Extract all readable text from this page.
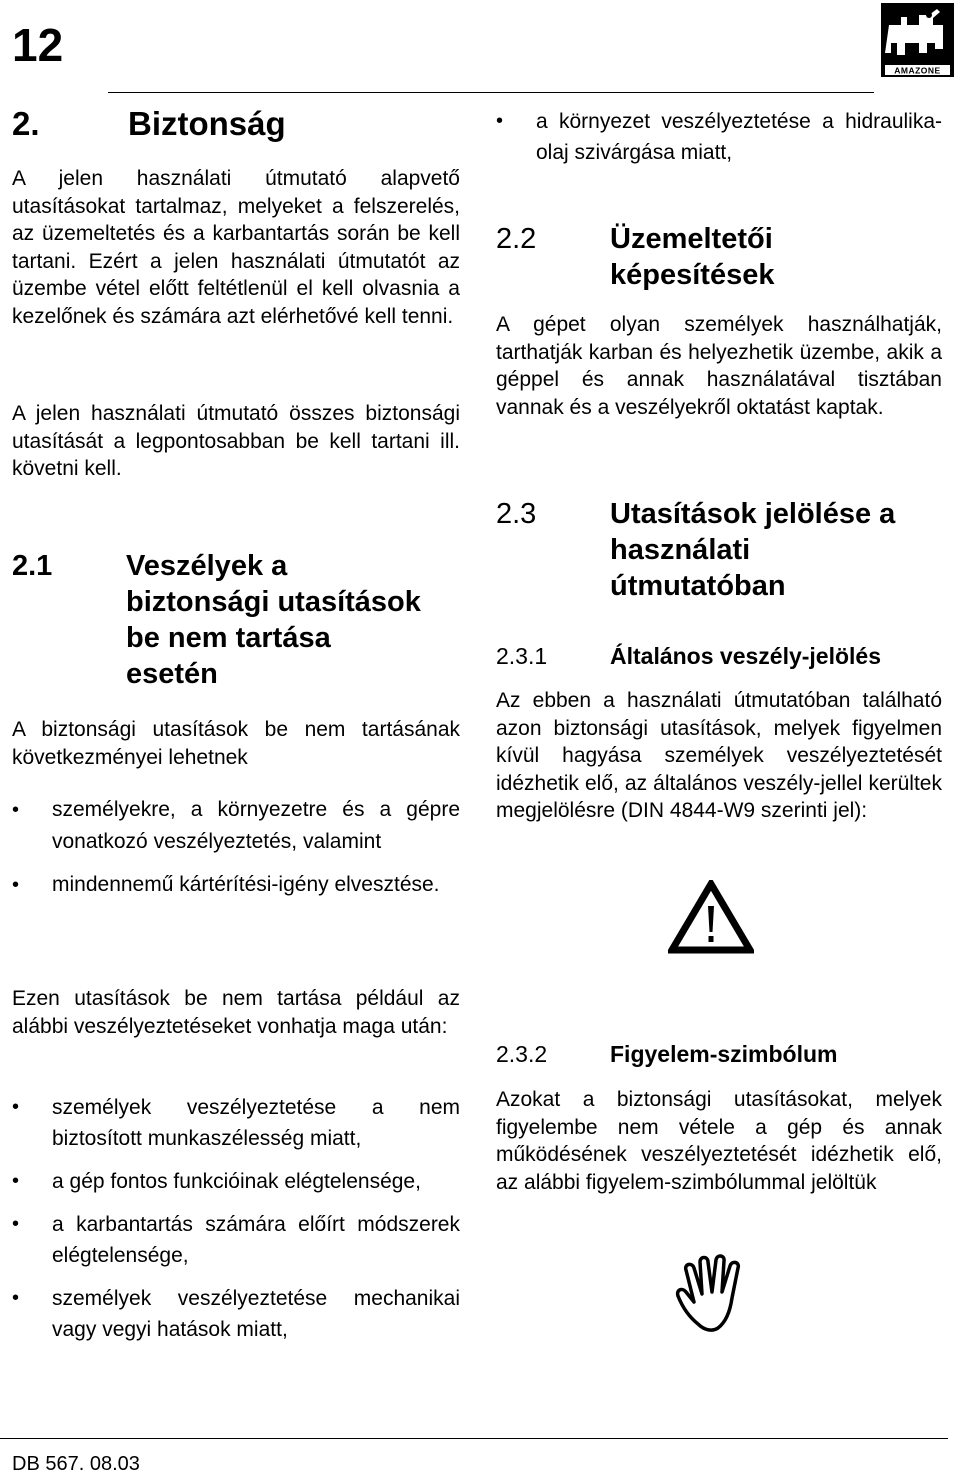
12	AMAZONE
2.	Biztonság

A jelen használati útmutató alapvető utasításokat tartalmaz, melyeket a felszerelés, az üzemeltetés és a karbantartás során be kell tartani. Ezért a jelen használati útmutatót az üzembe vétel előtt feltétlenül el kell olvasnia a kezelőnek és számára azt elérhetővé kell tenni.

A jelen használati útmutató összes biztonsági utasítását a legpontosabban be kell tartani ill. követni kell.

2.1	Veszélyek a
biztonsági utasítások
be nem tartása
esetén

A biztonsági utasítások be nem tartásának következményei lehetnek

• személyekre, a környezetre és a gépre vonatkozó veszélyeztetés, valamint
• mindennemű kártérítési-igény elvesztése.

Ezen utasítások be nem tartása például az alábbi veszélyeztetéseket vonhatja maga után:

• személyek veszélyeztetése a nem biztosított munkaszélesség miatt,
• a gép fontos funkcióinak elégtelensége,
• a karbantartás számára előírt módszerek elégtelensége,
• személyek veszélyeztetése mechanikai vagy vegyi hatások miatt,
• a környezet veszélyeztetése a hidraulika-olaj szivárgása miatt,
2.2	Üzemeltetői
képesítések

A gépet olyan személyek használhatják, tarthatják karban és helyezhetik üzembe, akik a géppel és annak használatával tisztában vannak és a veszélyekről oktatást kaptak.

2.3	Utasítások jelölése a
használati
útmutatóban
2.3.1	Általános veszély-jelölés

Az ebben a használati útmutatóban található azon biztonsági utasítások, melyek figyelmen kívül hagyása személyek veszélyeztetését idézhetik elő, az általános veszély-jellel kerültek megjelölésre (DIN 4844-W9 szerinti jel):

2.3.2	Figyelem-szimbólum

Azokat a biztonsági utasításokat, melyek figyelembe nem vétele a gép és annak működésének veszélyeztetését idézhetik elő, az alábbi figyelem-szimbólummal jelöltük

DB 567. 08.03
